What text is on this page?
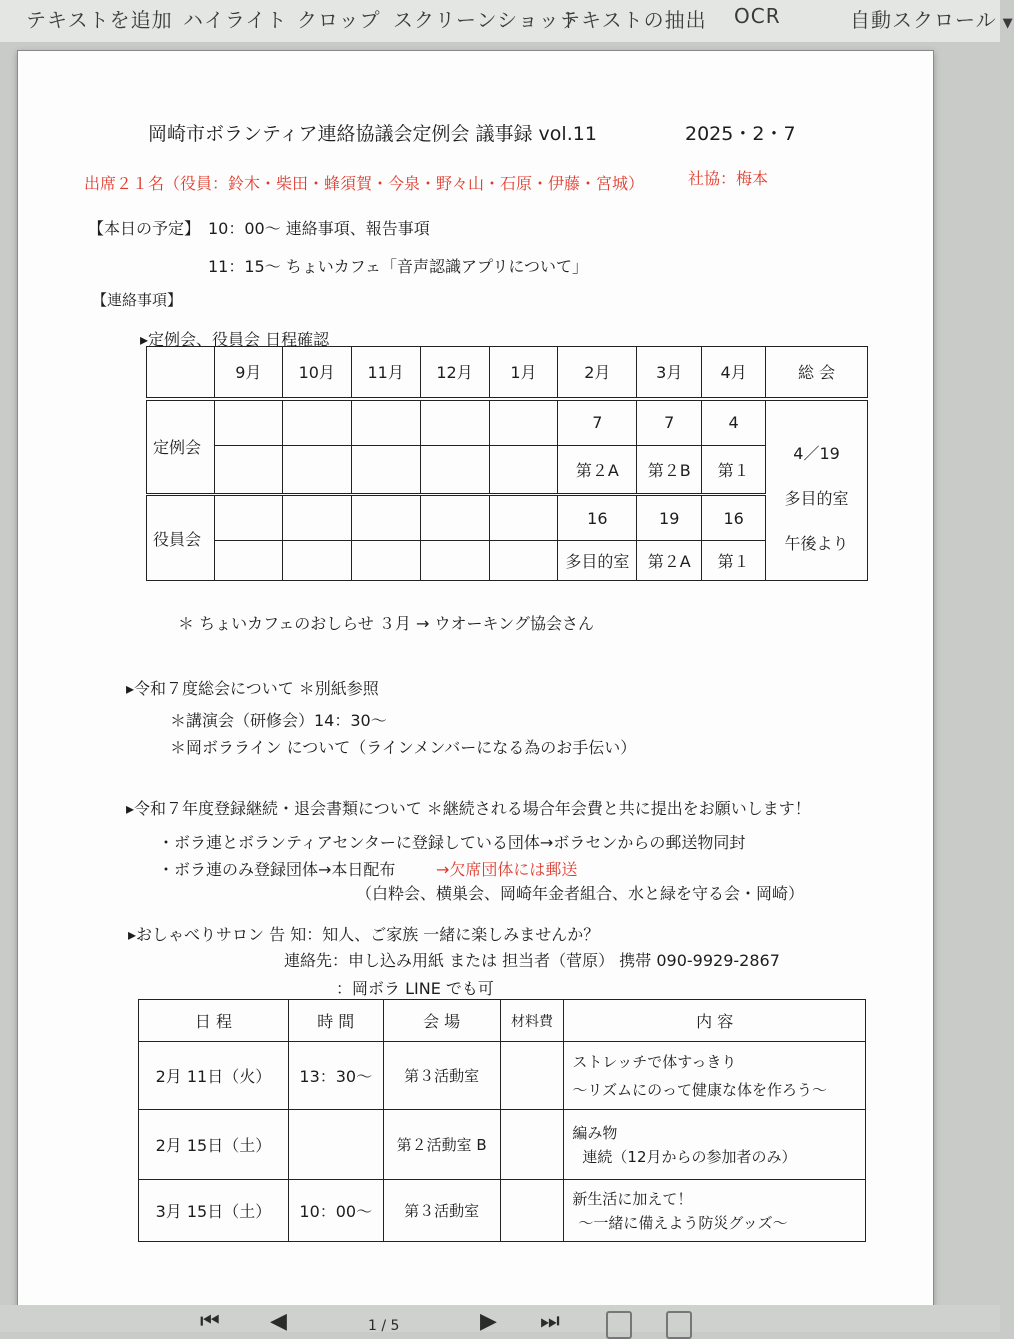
テキストを追加 ハイライト クロップ スクリーンショット
テキストの抽出 OCR	自動スクロール ▼
岡崎市ボランティア連絡協議会定例会 議事録 vol.11	2025・2・7
出席２１名（役員：鈴木・柴田・蜂須賀・今泉・野々山・石原・伊藤・宮城）	社協：梅本
【本日の予定】 10：00～ 連絡事項、報告事項
11：15～ ちょいカフェ「音声認識アプリについて」
【連絡事項】
▸定例会、役員会 日程確認
	9月	10月	11月	12月	1月	2月	3月	4月	総 会
定例会						7	7	4	4／19
多目的室
午後より

						第２A	第２B	第１	
役員会						16	19	16	
						多目的室	第２A	第１	
＊ ちょいカフェのおしらせ ３月 → ウオーキング協会さん
▸令和７度総会について ＊別紙参照
＊講演会（研修会）14：30～
＊岡ボラライン について（ラインメンバーになる為のお手伝い）
▸令和７年度登録継続・退会書類について ＊継続される場合年会費と共に提出をお願いします！
・ボラ連とボランティアセンターに登録している団体→ボラセンからの郵送物同封
・ボラ連のみ登録団体→本日配布	→欠席団体には郵送
（白粋会、横巣会、岡崎年金者組合、水と緑を守る会・岡崎）
▸おしゃべりサロン 告 知：知人、ご家族 一緒に楽しみませんか？
連絡先：申し込み用紙 または 担当者（菅原） 携帯 090-9929-2867
：岡ボラ LINE でも可
日 程	時 間	会 場	材料費	内 容
2月 11日（火）	13：30～	第３活動室		ストレッチで体すっきり
～リズムにのって健康な体を作ろう～

2月 15日（土）		第２活動室 B		編み物
連続（12月からの参加者のみ）

3月 15日（土）	10：00～	第３活動室		新生活に加えて！
～一緒に備えよう防災グッズ～
⏮ ◀	1 / 5	▶ ⏭
